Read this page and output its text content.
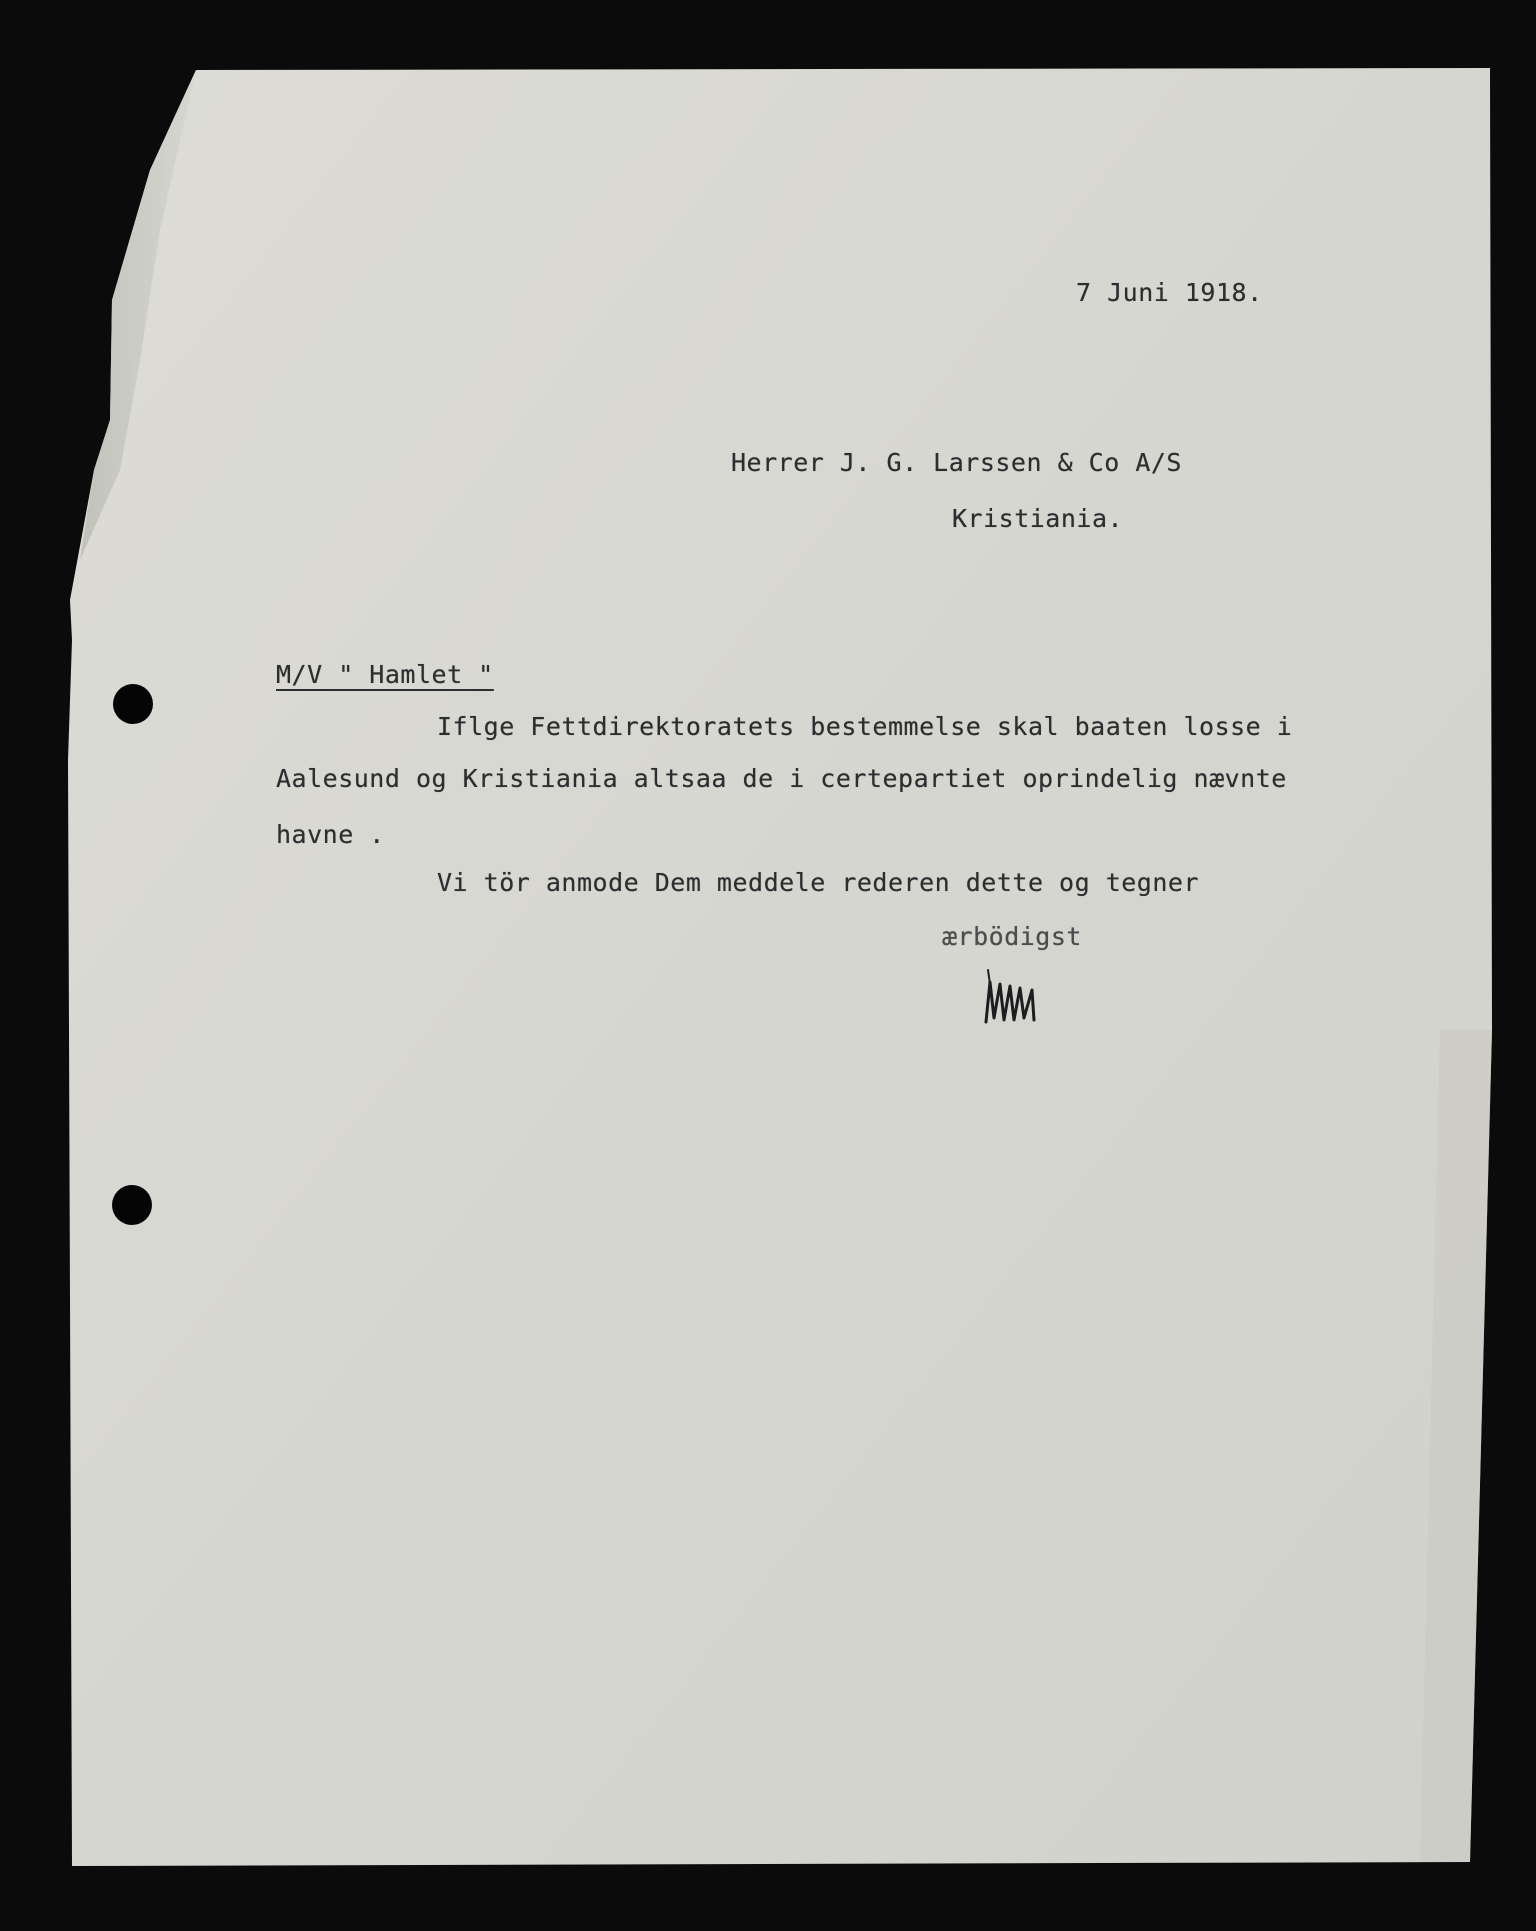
7 Juni 1918.
Herrer J. G. Larssen & Co A/S
Kristiania.
M/V " Hamlet "
Iflge Fettdirektoratets bestemmelse skal baaten losse i
Aalesund og Kristiania altsaa de i certepartiet oprindelig nævnte
havne .
Vi tör anmode Dem meddele rederen dette og tegner
ærbödigst
